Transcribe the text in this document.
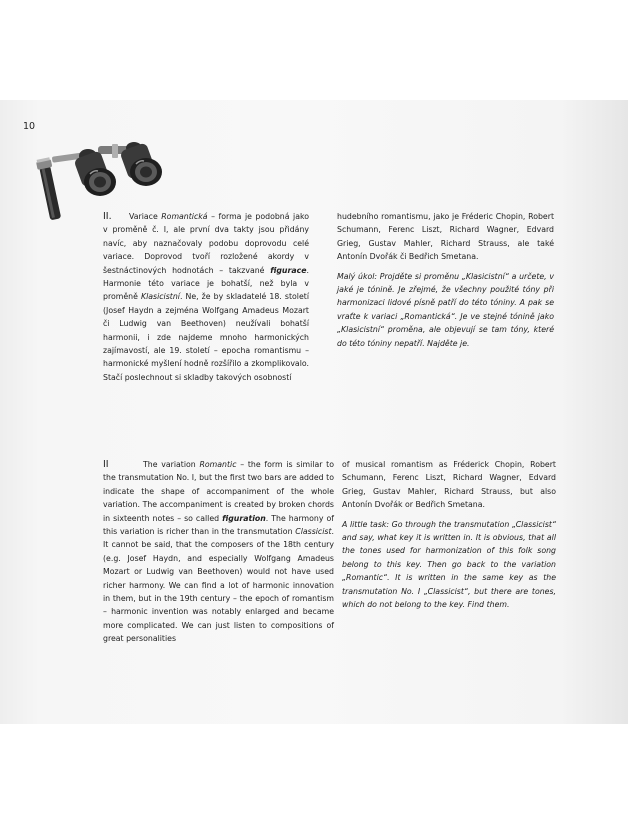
10

II.	Variace Romantická – forma je podobná jako v proměně č. I, ale první dva takty jsou přidány navíc, aby naznačovaly podobu doprovodu celé variace. Doprovod tvoří rozložené akordy v šestnáctinových hodnotách – takzvané figurace. Harmonie této variace je bohatší, než byla v proměně Klasicistní. Ne, že by skladatelé 18. století (Josef Haydn a zejména Wolfgang Amadeus Mozart či Ludwig van Beethoven) neužívali bohatší harmonii, i zde najdeme mnoho harmonických zajímavostí, ale 19. století – epocha romantismu – harmonické myšlení hodně rozšířilo a zkomplikovalo. Stačí poslechnout si skladby takových osobností

hudebního romantismu, jako je Fréderic Chopin, Robert Schumann, Ferenc Liszt, Richard Wagner, Edvard Grieg, Gustav Mahler, Richard Strauss, ale také Antonín Dvořák či Bedřich Smetana.

Malý úkol: Projděte si proměnu „Klasicistní“ a určete, v jaké je tónině. Je zřejmé, že všechny použité tóny při harmonizaci lidové písně patří do této tóniny. A pak se vraťte k variaci „Romantická“. Je ve stejné tónině jako „Klasicistní“ proměna, ale objevují se tam tóny, které do této tóniny nepatří. Najděte je.

II	The variation Romantic – the form is similar to the transmutation No. I, but the first two bars are added to indicate the shape of accompaniment of the whole variation. The accompaniment is created by broken chords in sixteenth notes – so called figuration. The harmony of this variation is richer than in the transmutation Classicist. It cannot be said, that the composers of the 18th century (e.g. Josef Haydn, and especially Wolfgang Amadeus Mozart or Ludwig van Beethoven) would not have used richer harmony. We can find a lot of harmonic innovation in them, but in the 19th century – the epoch of romantism – harmonic invention was notably enlarged and became more complicated. We can just listen to compositions of great personalities

of musical romantism as Fréderick Chopin, Robert Schumann, Ferenc Liszt, Richard Wagner, Edvard Grieg, Gustav Mahler, Richard Strauss, but also Antonín Dvořák or Bedřich Smetana.

A little task: Go through the transmutation „Classicist“ and say, what key it is written in. It is obvious, that all the tones used for harmonization of this folk song belong to this key. Then go back to the variation „Romantic“. It is written in the same key as the transmutation No. I „Classicist“, but there are tones, which do not belong to the key. Find them.
